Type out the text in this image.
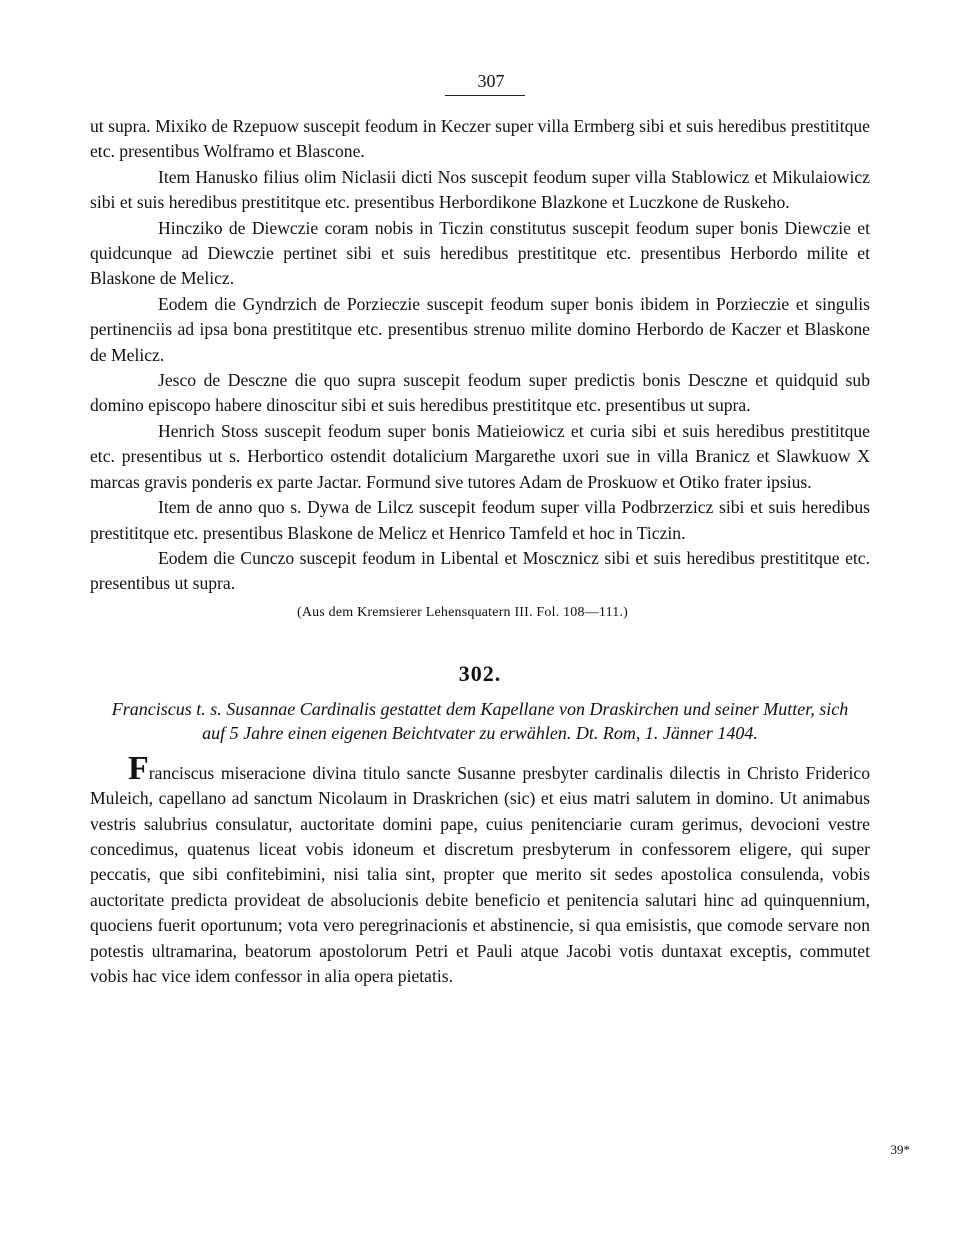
307

ut supra. Mixiko de Rzepuow suscepit feodum in Keczer super villa Ermberg sibi et suis heredibus prestititque etc. presentibus Wolframo et Blascone.

Item Hanusko filius olim Niclasii dicti Nos suscepit feodum super villa Stablowicz et Mikulaiowicz sibi et suis heredibus prestititque etc. presentibus Herbordikone Blazkone et Luczkone de Ruskeho.

Hincziko de Diewczie coram nobis in Ticzin constitutus suscepit feodum super bonis Diewczie et quidcunque ad Diewczie pertinet sibi et suis heredibus prestititque etc. presentibus Herbordo milite et Blaskone de Melicz.

Eodem die Gyndrzich de Porzieczie suscepit feodum super bonis ibidem in Porzieczie et singulis pertinenciis ad ipsa bona prestititque etc. presentibus strenuo milite domino Herbordo de Kaczer et Blaskone de Melicz.

Jesco de Desczne die quo supra suscepit feodum super predictis bonis Desczne et quidquid sub domino episcopo habere dinoscitur sibi et suis heredibus prestititque etc. presentibus ut supra.

Henrich Stoss suscepit feodum super bonis Matieiowicz et curia sibi et suis heredibus prestititque etc. presentibus ut s. Herbortico ostendit dotalicium Margarethe uxori sue in villa Branicz et Slawkuow X marcas gravis ponderis ex parte Jactar. Formund sive tutores Adam de Proskuow et Otiko frater ipsius.

Item de anno quo s. Dywa de Lilcz suscepit feodum super villa Podbrzerzicz sibi et suis heredibus prestititque etc. presentibus Blaskone de Melicz et Henrico Tamfeld et hoc in Ticzin.

Eodem die Cunczo suscepit feodum in Libental et Moscznicz sibi et suis heredibus prestititque etc. presentibus ut supra.

(Aus dem Kremsierer Lehensquatern III. Fol. 108—111.)
302.
Franciscus t. s. Susannae Cardinalis gestattet dem Kapellane von Draskirchen und seiner Mutter, sich auf 5 Jahre einen eigenen Beichtvater zu erwählen. Dt. Rom, 1. Jänner 1404.

Franciscus miseracione divina titulo sancte Susanne presbyter cardinalis dilectis in Christo Friderico Muleich, capellano ad sanctum Nicolaum in Draskrichen (sic) et eius matri salutem in domino. Ut animabus vestris salubrius consulatur, auctoritate domini pape, cuius penitenciarie curam gerimus, devocioni vestre concedimus, quatenus liceat vobis idoneum et discretum presbyterum in confessorem eligere, qui super peccatis, que sibi confitebimini, nisi talia sint, propter que merito sit sedes apostolica consulenda, vobis auctoritate predicta provideat de absolucionis debite beneficio et penitencia salutari hinc ad quinquennium, quociens fuerit oportunum; vota vero peregrinacionis et abstinencie, si qua emisistis, que comode servare non potestis ultramarina, beatorum apostolorum Petri et Pauli atque Jacobi votis duntaxat exceptis, commutet vobis hac vice idem confessor in alia opera pietatis.

39*
